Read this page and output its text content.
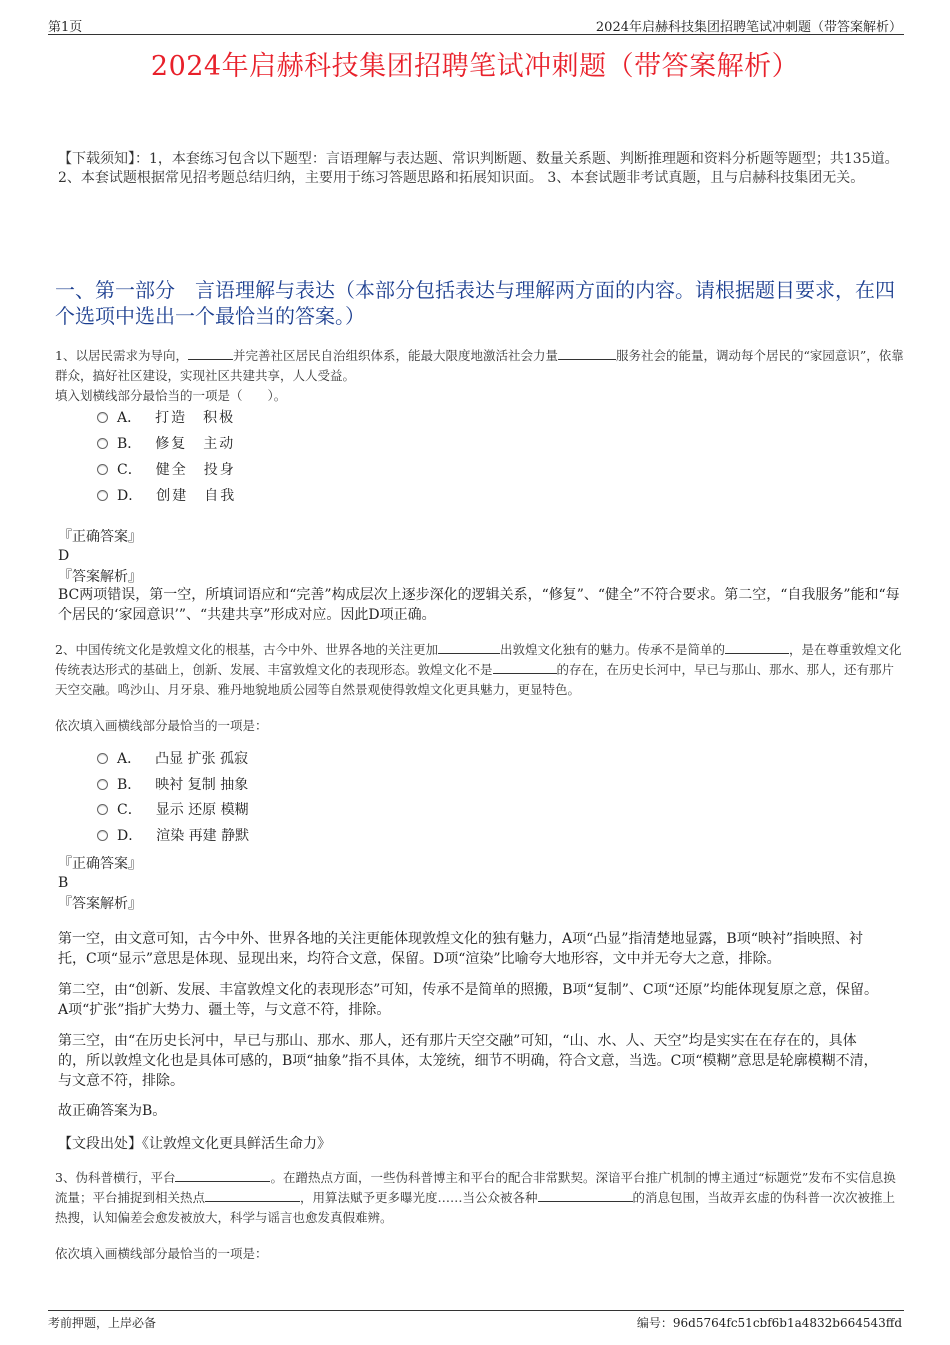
第1页	2024年启赫科技集团招聘笔试冲刺题（带答案解析）
2024年启赫科技集团招聘笔试冲刺题（带答案解析）
【下载须知】：1，本套练习包含以下题型：言语理解与表达题、常识判断题、数量关系题、判断推理题和资料分析题等题型；共135道。 2、本套试题根据常见招考题总结归纳，主要用于练习答题思路和拓展知识面。 3、本套试题非考试真题，且与启赫科技集团无关。
一、第一部分　言语理解与表达（本部分包括表达与理解两方面的内容。请根据题目要求，在四个选项中选出一个最恰当的答案。）
1、以居民需求为导向，	并完善社区居民自治组织体系，能最大限度地激活社会力量	服务社会的能量，调动每个居民的“家园意识”，依靠群众，搞好社区建设，实现社区共建共享，人人受益。
填入划横线部分最恰当的一项是（　　）。
A． 打造　积极
B． 修复　主动
C． 健全　投身
D． 创建　自我
『正确答案』
D
『答案解析』
BC两项错误，第一空，所填词语应和“完善”构成层次上逐步深化的逻辑关系，“修复”、“健全”不符合要求。第二空，“自我服务”能和“每个居民的‘家园意识’”、“共建共享”形成对应。因此D项正确。
2、中国传统文化是敦煌文化的根基，古今中外、世界各地的关注更加	出敦煌文化独有的魅力。传承不是简单的	，是在尊重敦煌文化传统表达形式的基础上，创新、发展、丰富敦煌文化的表现形态。敦煌文化不是	的存在，在历史长河中，早已与那山、那水、那人，还有那片天空交融。鸣沙山、月牙泉、雅丹地貌地质公园等自然景观使得敦煌文化更具魅力，更显特色。
依次填入画横线部分最恰当的一项是：
A． 凸显 扩张 孤寂
B． 映衬 复制 抽象
C． 显示 还原 模糊
D． 渲染 再建 静默
『正确答案』
B
『答案解析』
第一空，由文意可知，古今中外、世界各地的关注更能体现敦煌文化的独有魅力，A项“凸显”指清楚地显露，B项“映衬”指映照、衬托，C项“显示”意思是体现、显现出来，均符合文意，保留。D项“渲染”比喻夸大地形容，文中并无夸大之意，排除。
第二空，由“创新、发展、丰富敦煌文化的表现形态”可知，传承不是简单的照搬，B项“复制”、C项“还原”均能体现复原之意，保留。A项“扩张”指扩大势力、疆土等，与文意不符，排除。
第三空，由“在历史长河中，早已与那山、那水、那人，还有那片天空交融”可知，“山、水、人、天空”均是实实在在存在的，具体的，所以敦煌文化也是具体可感的，B项“抽象”指不具体，太笼统，细节不明确，符合文意，当选。C项“模糊”意思是轮廓模糊不清，与文意不符，排除。
故正确答案为B。
【文段出处】《让敦煌文化更具鲜活生命力》
3、伪科普横行，平台	。在蹭热点方面，一些伪科普博主和平台的配合非常默契。深谙平台推广机制的博主通过“标题党”发布不实信息换流量；平台捕捉到相关热点	，用算法赋予更多曝光度……当公众被各种	的消息包围，当故弄玄虚的伪科普一次次被推上热搜，认知偏差会愈发被放大，科学与谣言也愈发真假难辨。
依次填入画横线部分最恰当的一项是：
考前押题，上岸必备	编号：96d5764fc51cbf6b1a4832b664543ffd
